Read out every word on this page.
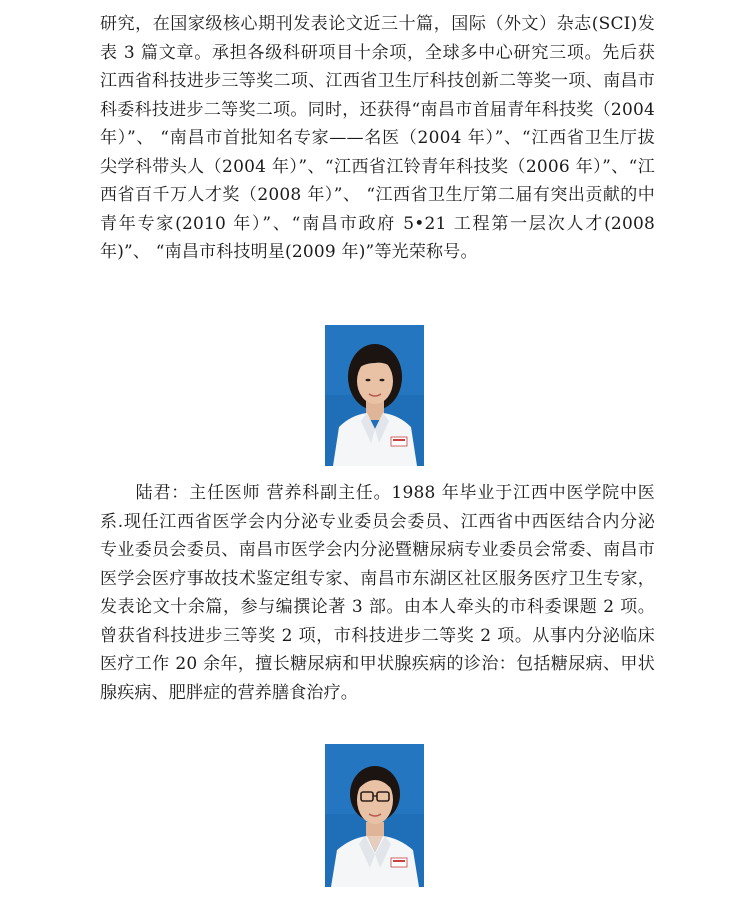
研究，在国家级核心期刊发表论文近三十篇，国际（外文）杂志(SCI)发表 3 篇文章。承担各级科研项目十余项，全球多中心研究三项。先后获江西省科技进步三等奖二项、江西省卫生厅科技创新二等奖一项、南昌市科委科技进步二等奖二项。同时，还获得“南昌市首届青年科技奖（2004 年）”、 “南昌市首批知名专家——名医（2004 年）”、“江西省卫生厅拔尖学科带头人（2004 年）”、“江西省江铃青年科技奖（2006 年）”、“江西省百千万人才奖（2008 年）”、 “江西省卫生厅第二届有突出贡献的中青年专家(2010 年）”、“南昌市政府 5•21 工程第一层次人才(2008年)”、 “南昌市科技明星(2009 年)”等光荣称号。

　　陆君：主任医师 营养科副主任。1988 年毕业于江西中医学院中医系.现任江西省医学会内分泌专业委员会委员、江西省中西医结合内分泌专业委员会委员、南昌市医学会内分泌暨糖尿病专业委员会常委、南昌市医学会医疗事故技术鉴定组专家、南昌市东湖区社区服务医疗卫生专家，发表论文十余篇，参与编撰论著 3 部。由本人牵头的市科委课题 2 项。曾获省科技进步三等奖 2 项，市科技进步二等奖 2 项。从事内分泌临床医疗工作 20 余年，擅长糖尿病和甲状腺疾病的诊治：包括糖尿病、甲状腺疾病、肥胖症的营养膳食治疗。
